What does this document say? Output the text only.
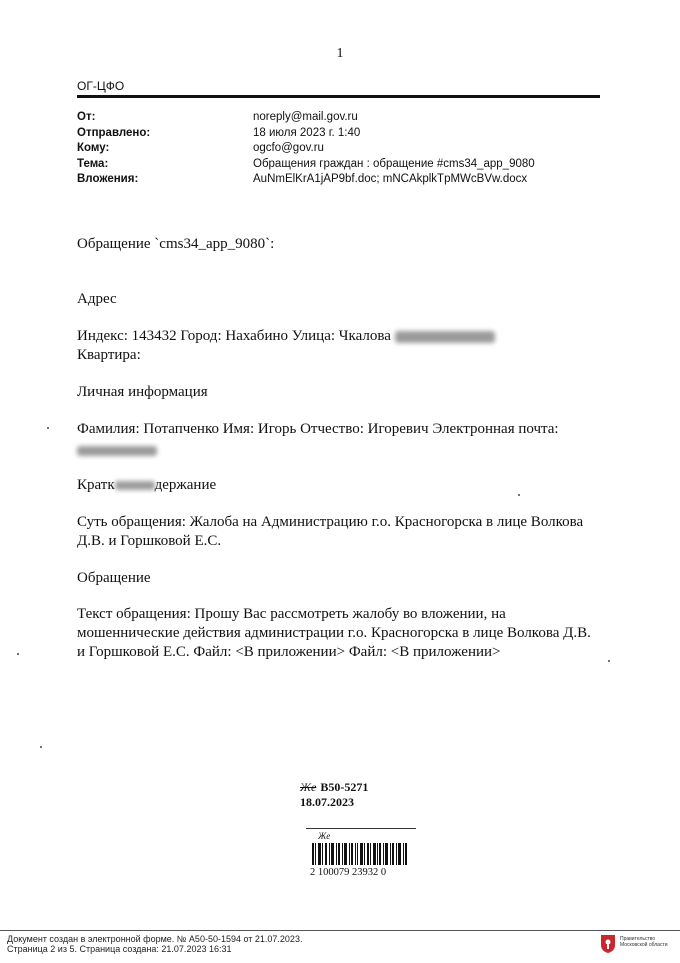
1
ОГ-ЦФО
От:	noreply@mail.gov.ru
Отправлено:	18 июля 2023 г. 1:40
Кому:	ogcfo@gov.ru
Тема:	Обращения граждан : обращение #cms34_app_9080
Вложения:	AuNmElKrA1jAP9bf.doc; mNCAkplkTpMWcBVw.docx
Обращение `cms34_app_9080`:
Адрес
Индекс: 143432 Город: Нахабино Улица: Чкалова
Квартира:
Личная информация
Фамилия: Потапченко Имя: Игорь Отчество: Игоревич Электронная почта:
Кратк	держание
Суть обращения: Жалоба на Администрацию г.о. Красногорска в лице Волкова Д.В. и Горшковой Е.С.
Обращение
Текст обращения: Прошу Вас рассмотреть жалобу во вложении, на мошеннические действия администрации г.о. Красногорска в лице Волкова Д.В. и Горшковой Е.С. Файл: <В приложении> Файл: <В приложении>
Же В50-5271
18.07.2023
Же
2 100079 23932 0
Документ создан в электронной форме. № А50-50-1594 от 21.07.2023.
Страница 2 из 5. Страница создана: 21.07.2023 16:31
Правительство Московской области
